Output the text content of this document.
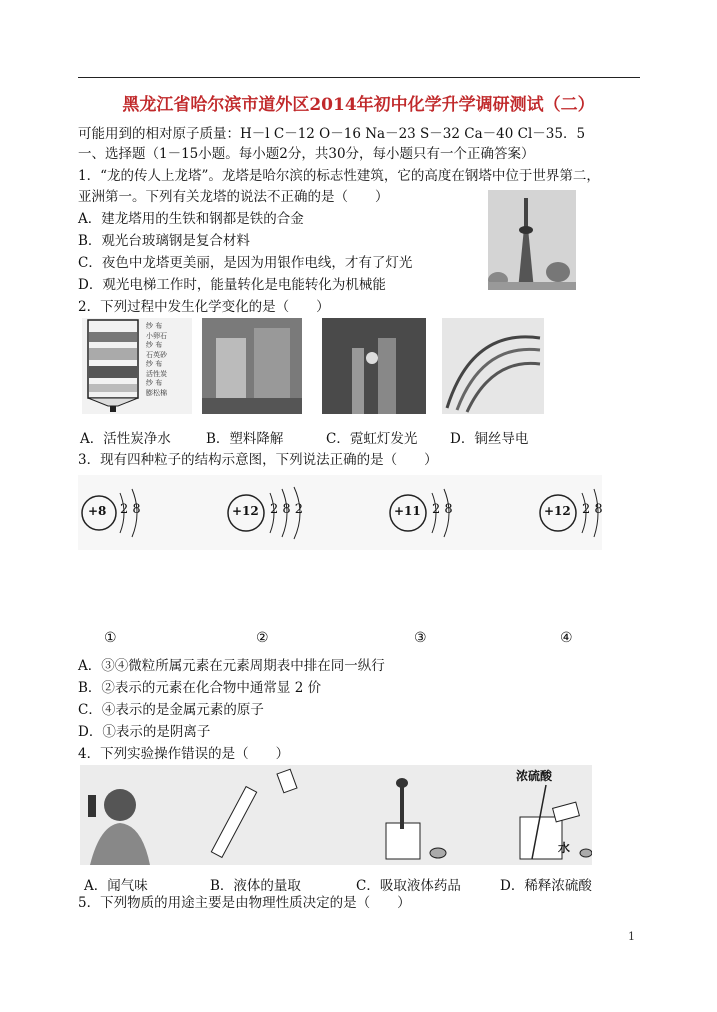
黑龙江省哈尔滨市道外区2014年初中化学升学调研测试（二）
可能用到的相对原子质量：H－l C－12 O－16 Na－23 S－32 Ca－40 Cl－35．5
一、选择题（1－15小题。每小题2分，共30分，每小题只有一个正确答案）
1．“龙的传人上龙塔”。龙塔是哈尔滨的标志性建筑，它的高度在钢塔中位于世界第二，
亚洲第一。下列有关龙塔的说法不正确的是（　　）
A．建龙塔用的生铁和钢都是铁的合金
B．观光台玻璃钢是复合材料
C．夜色中龙塔更美丽，是因为用银作电线，才有了灯光
D．观光电梯工作时，能量转化是电能转化为机械能
2．下列过程中发生化学变化的是（　　）
纱 布
小卵石
纱 布
石英砂
纱 布
活性炭
纱 布
膨松棉
A．活性炭净水	B．塑料降解	C．霓虹灯发光 D．铜丝导电
3．现有四种粒子的结构示意图，下列说法正确的是（　　）
+8 2 8	+12 2 8 2	+11 2 8	+12 2 8
①	②	③	④
A．③④微粒所属元素在元素周期表中排在同一纵行
B．②表示的元素在化合物中通常显 2 价
C．④表示的是金属元素的原子
D．①表示的是阴离子
4．下列实验操作错误的是（　　）
浓硫酸
水
A．闻气味	B．液体的量取	C．吸取液体药品	D．稀释浓硫酸
5．下列物质的用途主要是由物理性质决定的是（　　）
1
